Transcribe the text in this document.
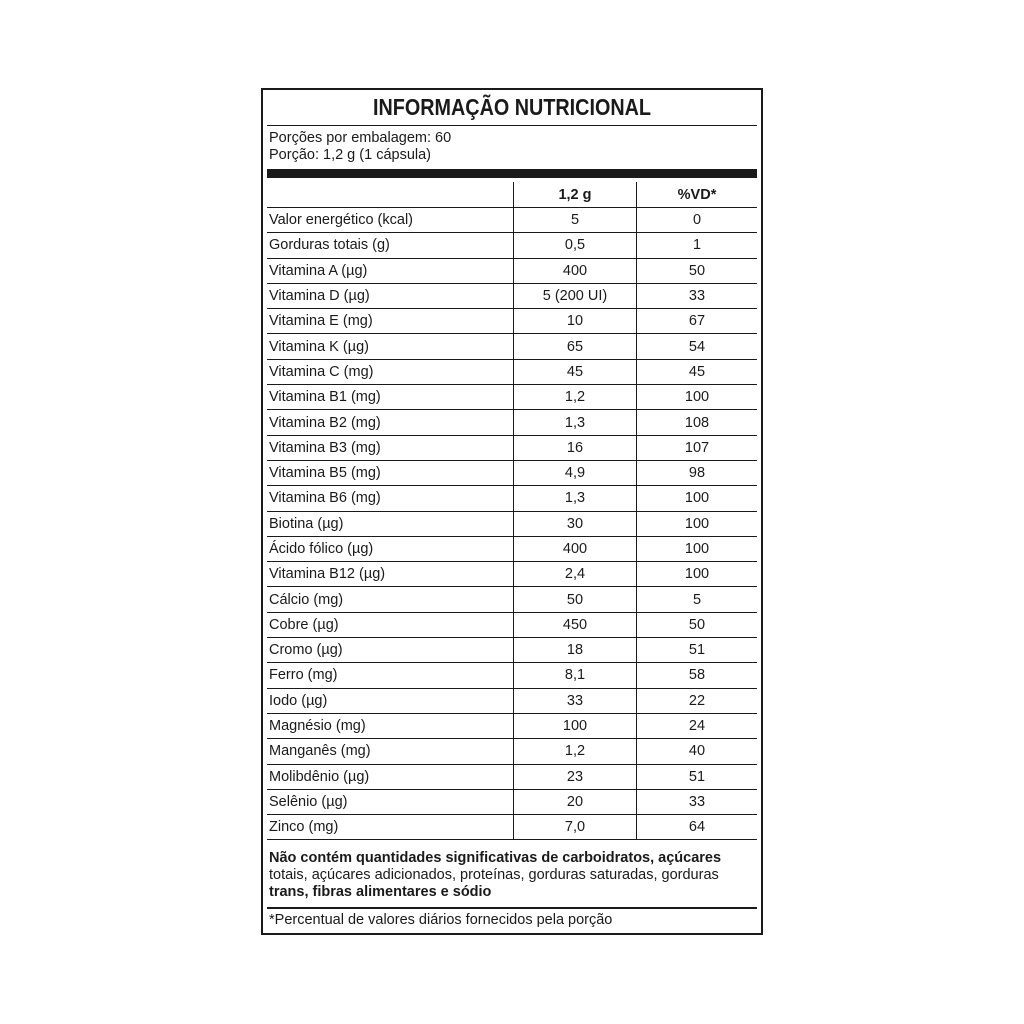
INFORMAÇÃO NUTRICIONAL
Porções por embalagem: 60
Porção: 1,2 g (1 cápsula)
	1,2 g	%VD*
Valor energético (kcal)	5	0
Gorduras totais (g)	0,5	1
Vitamina A (µg)	400	50
Vitamina D (µg)	5 (200 UI)	33
Vitamina E (mg)	10	67
Vitamina K (µg)	65	54
Vitamina C (mg)	45	45
Vitamina B1 (mg)	1,2	100
Vitamina B2 (mg)	1,3	108
Vitamina B3 (mg)	16	107
Vitamina B5 (mg)	4,9	98
Vitamina B6 (mg)	1,3	100
Biotina (µg)	30	100
Ácido fólico (µg)	400	100
Vitamina B12 (µg)	2,4	100
Cálcio (mg)	50	5
Cobre (µg)	450	50
Cromo (µg)	18	51
Ferro (mg)	8,1	58
Iodo (µg)	33	22
Magnésio (mg)	100	24
Manganês (mg)	1,2	40
Molibdênio (µg)	23	51
Selênio (µg)	20	33
Zinco (mg)	7,0	64
Não contém quantidades significativas de carboidratos, açúcares
totais, açúcares adicionados, proteínas, gorduras saturadas, gorduras
trans, fibras alimentares e sódio
*Percentual de valores diários fornecidos pela porção
